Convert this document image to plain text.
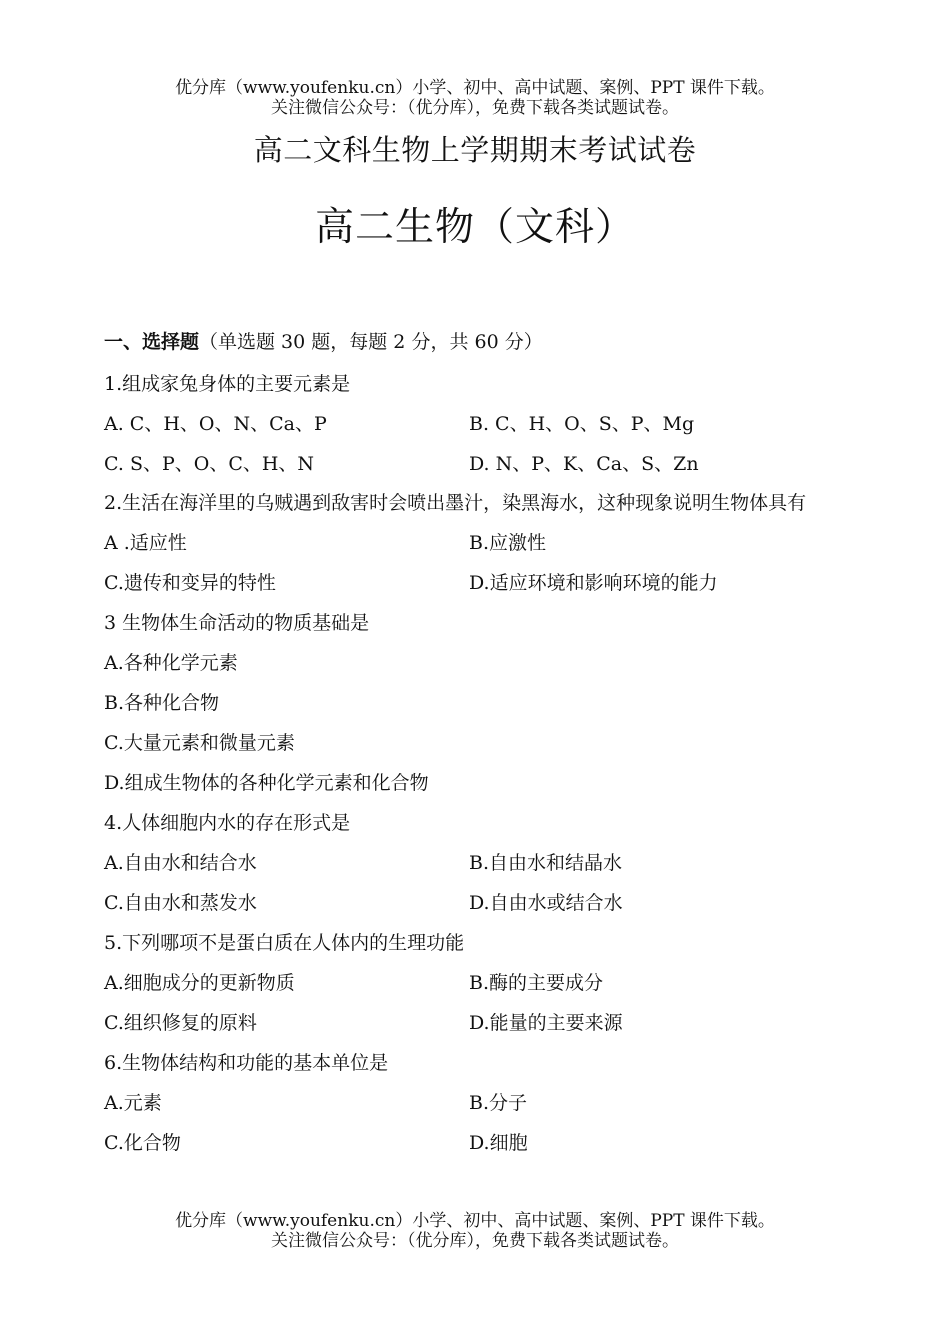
优分库（www.youfenku.cn）小学、初中、高中试题、案例、PPT 课件下载。
关注微信公众号：（优分库），免费下载各类试题试卷。
高二文科生物上学期期末考试试卷
高二生物（文科）
一、选择题（单选题 30 题，每题 2 分，共 60 分）
1.组成家兔身体的主要元素是
A. C、H、O、N、Ca、P	B. C、H、O、S、P、Mg
C. S、P、O、C、H、N	D. N、P、K、Ca、S、Zn
2.生活在海洋里的乌贼遇到敌害时会喷出墨汁，染黑海水，这种现象说明生物体具有
A .适应性	B.应激性
C.遗传和变异的特性	D.适应环境和影响环境的能力
3 生物体生命活动的物质基础是
A.各种化学元素
B.各种化合物
C.大量元素和微量元素
D.组成生物体的各种化学元素和化合物
4.人体细胞内水的存在形式是
A.自由水和结合水	B.自由水和结晶水
C.自由水和蒸发水	D.自由水或结合水
5.下列哪项不是蛋白质在人体内的生理功能
A.细胞成分的更新物质	B.酶的主要成分
C.组织修复的原料	D.能量的主要来源
6.生物体结构和功能的基本单位是
A.元素	B.分子
C.化合物	D.细胞
优分库（www.youfenku.cn）小学、初中、高中试题、案例、PPT 课件下载。
关注微信公众号：（优分库），免费下载各类试题试卷。
